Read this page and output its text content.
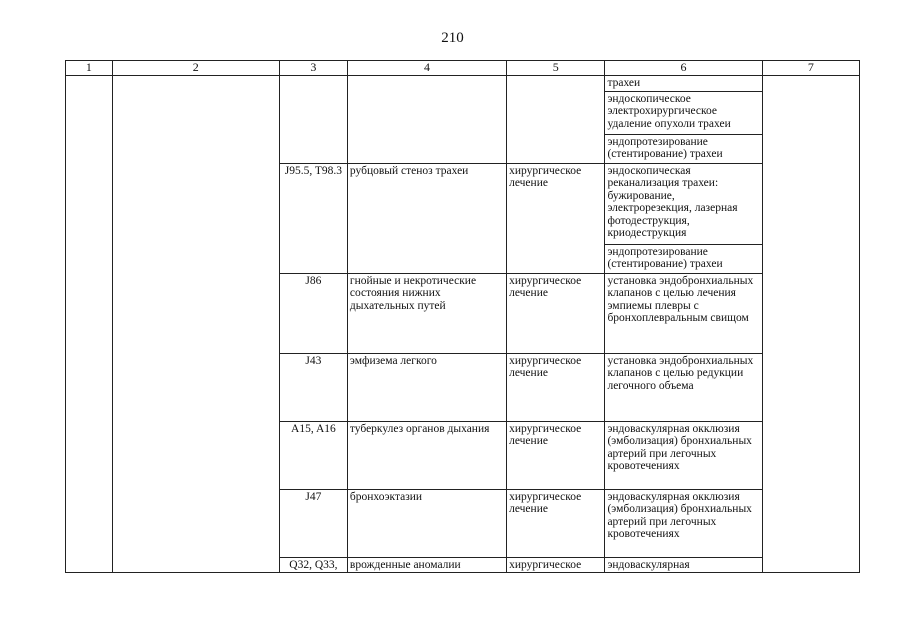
210
1	2	3	4	5	6	7
					трахеи	
					эндоскопическое электрохирургическое удаление опухоли трахеи	
					эндопротезирование (стентирование) трахеи	
		J95.5, T98.3	рубцовый стеноз трахеи	хирургическое лечение	эндоскопическая реканализация трахеи: бужирование, электрорезекция, лазерная фотодеструкция, криодеструкция	
					эндопротезирование (стентирование) трахеи	
		J86	гнойные и некротические состояния нижних дыхательных путей	хирургическое лечение	установка эндобронхиальных клапанов с целью лечения эмпиемы плевры с бронхоплевральным свищом	
		J43	эмфизема легкого	хирургическое лечение	установка эндобронхиальных клапанов с целью редукции легочного объема	
		A15, A16	туберкулез органов дыхания	хирургическое лечение	эндоваскулярная окклюзия (эмболизация) бронхиальных артерий при легочных кровотечениях	
		J47	бронхоэктазии	хирургическое лечение	эндоваскулярная окклюзия (эмболизация) бронхиальных артерий при легочных кровотечениях	
		Q32, Q33,	врожденные аномалии	хирургическое	эндоваскулярная	
